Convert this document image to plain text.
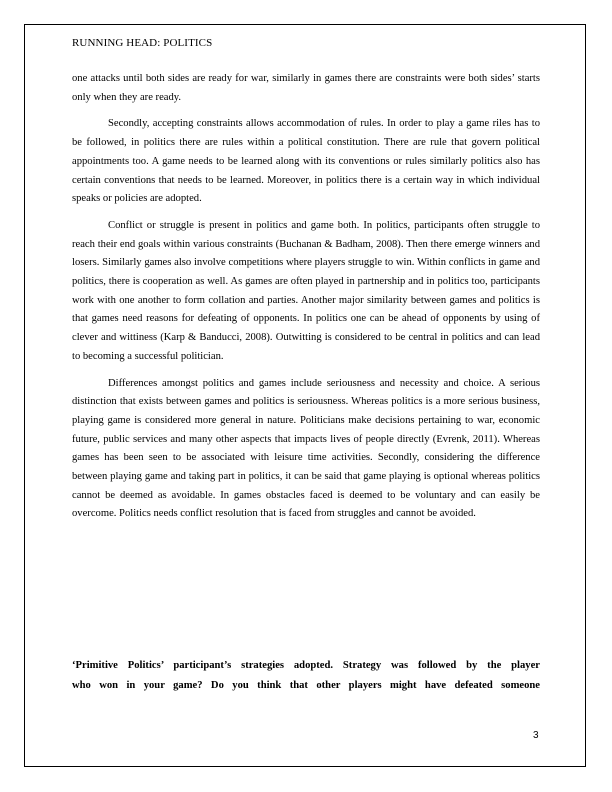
RUNNING HEAD: POLITICS

one attacks until both sides are ready for war, similarly in games there are constraints were both sides’ starts only when they are ready.

Secondly, accepting constraints allows accommodation of rules. In order to play a game riles has to be followed, in politics there are rules within a political constitution. There are rule that govern political appointments too. A game needs to be learned along with its conventions or rules similarly politics also has certain conventions that needs to be learned. Moreover, in politics there is a certain way in which individual speaks or policies are adopted.

Conflict or struggle is present in politics and game both. In politics, participants often struggle to reach their end goals within various constraints (Buchanan & Badham, 2008). Then there emerge winners and losers. Similarly games also involve competitions where players struggle to win. Within conflicts in game and politics, there is cooperation as well. As games are often played in partnership and in politics too, participants work with one another to form collation and parties. Another major similarity between games and politics is that games need reasons for defeating of opponents. In politics one can be ahead of opponents by using of clever and wittiness (Karp & Banducci, 2008). Outwitting is considered to be central in politics and can lead to becoming a successful politician.

Differences amongst politics and games include seriousness and necessity and choice. A serious distinction that exists between games and politics is seriousness. Whereas politics is a more serious business, playing game is considered more general in nature. Politicians make decisions pertaining to war, economic future, public services and many other aspects that impacts lives of people directly (Evrenk, 2011). Whereas games has been seen to be associated with leisure time activities. Secondly, considering the difference between playing game and taking part in politics, it can be said that game playing is optional whereas politics cannot be deemed as avoidable. In games obstacles faced is deemed to be voluntary and can easily be overcome. Politics needs conflict resolution that is faced from struggles and cannot be avoided.

‘Primitive Politics’ participant’s strategies adopted. Strategy was followed by the player
who won in your game? Do you think that other players might have defeated someone
3
